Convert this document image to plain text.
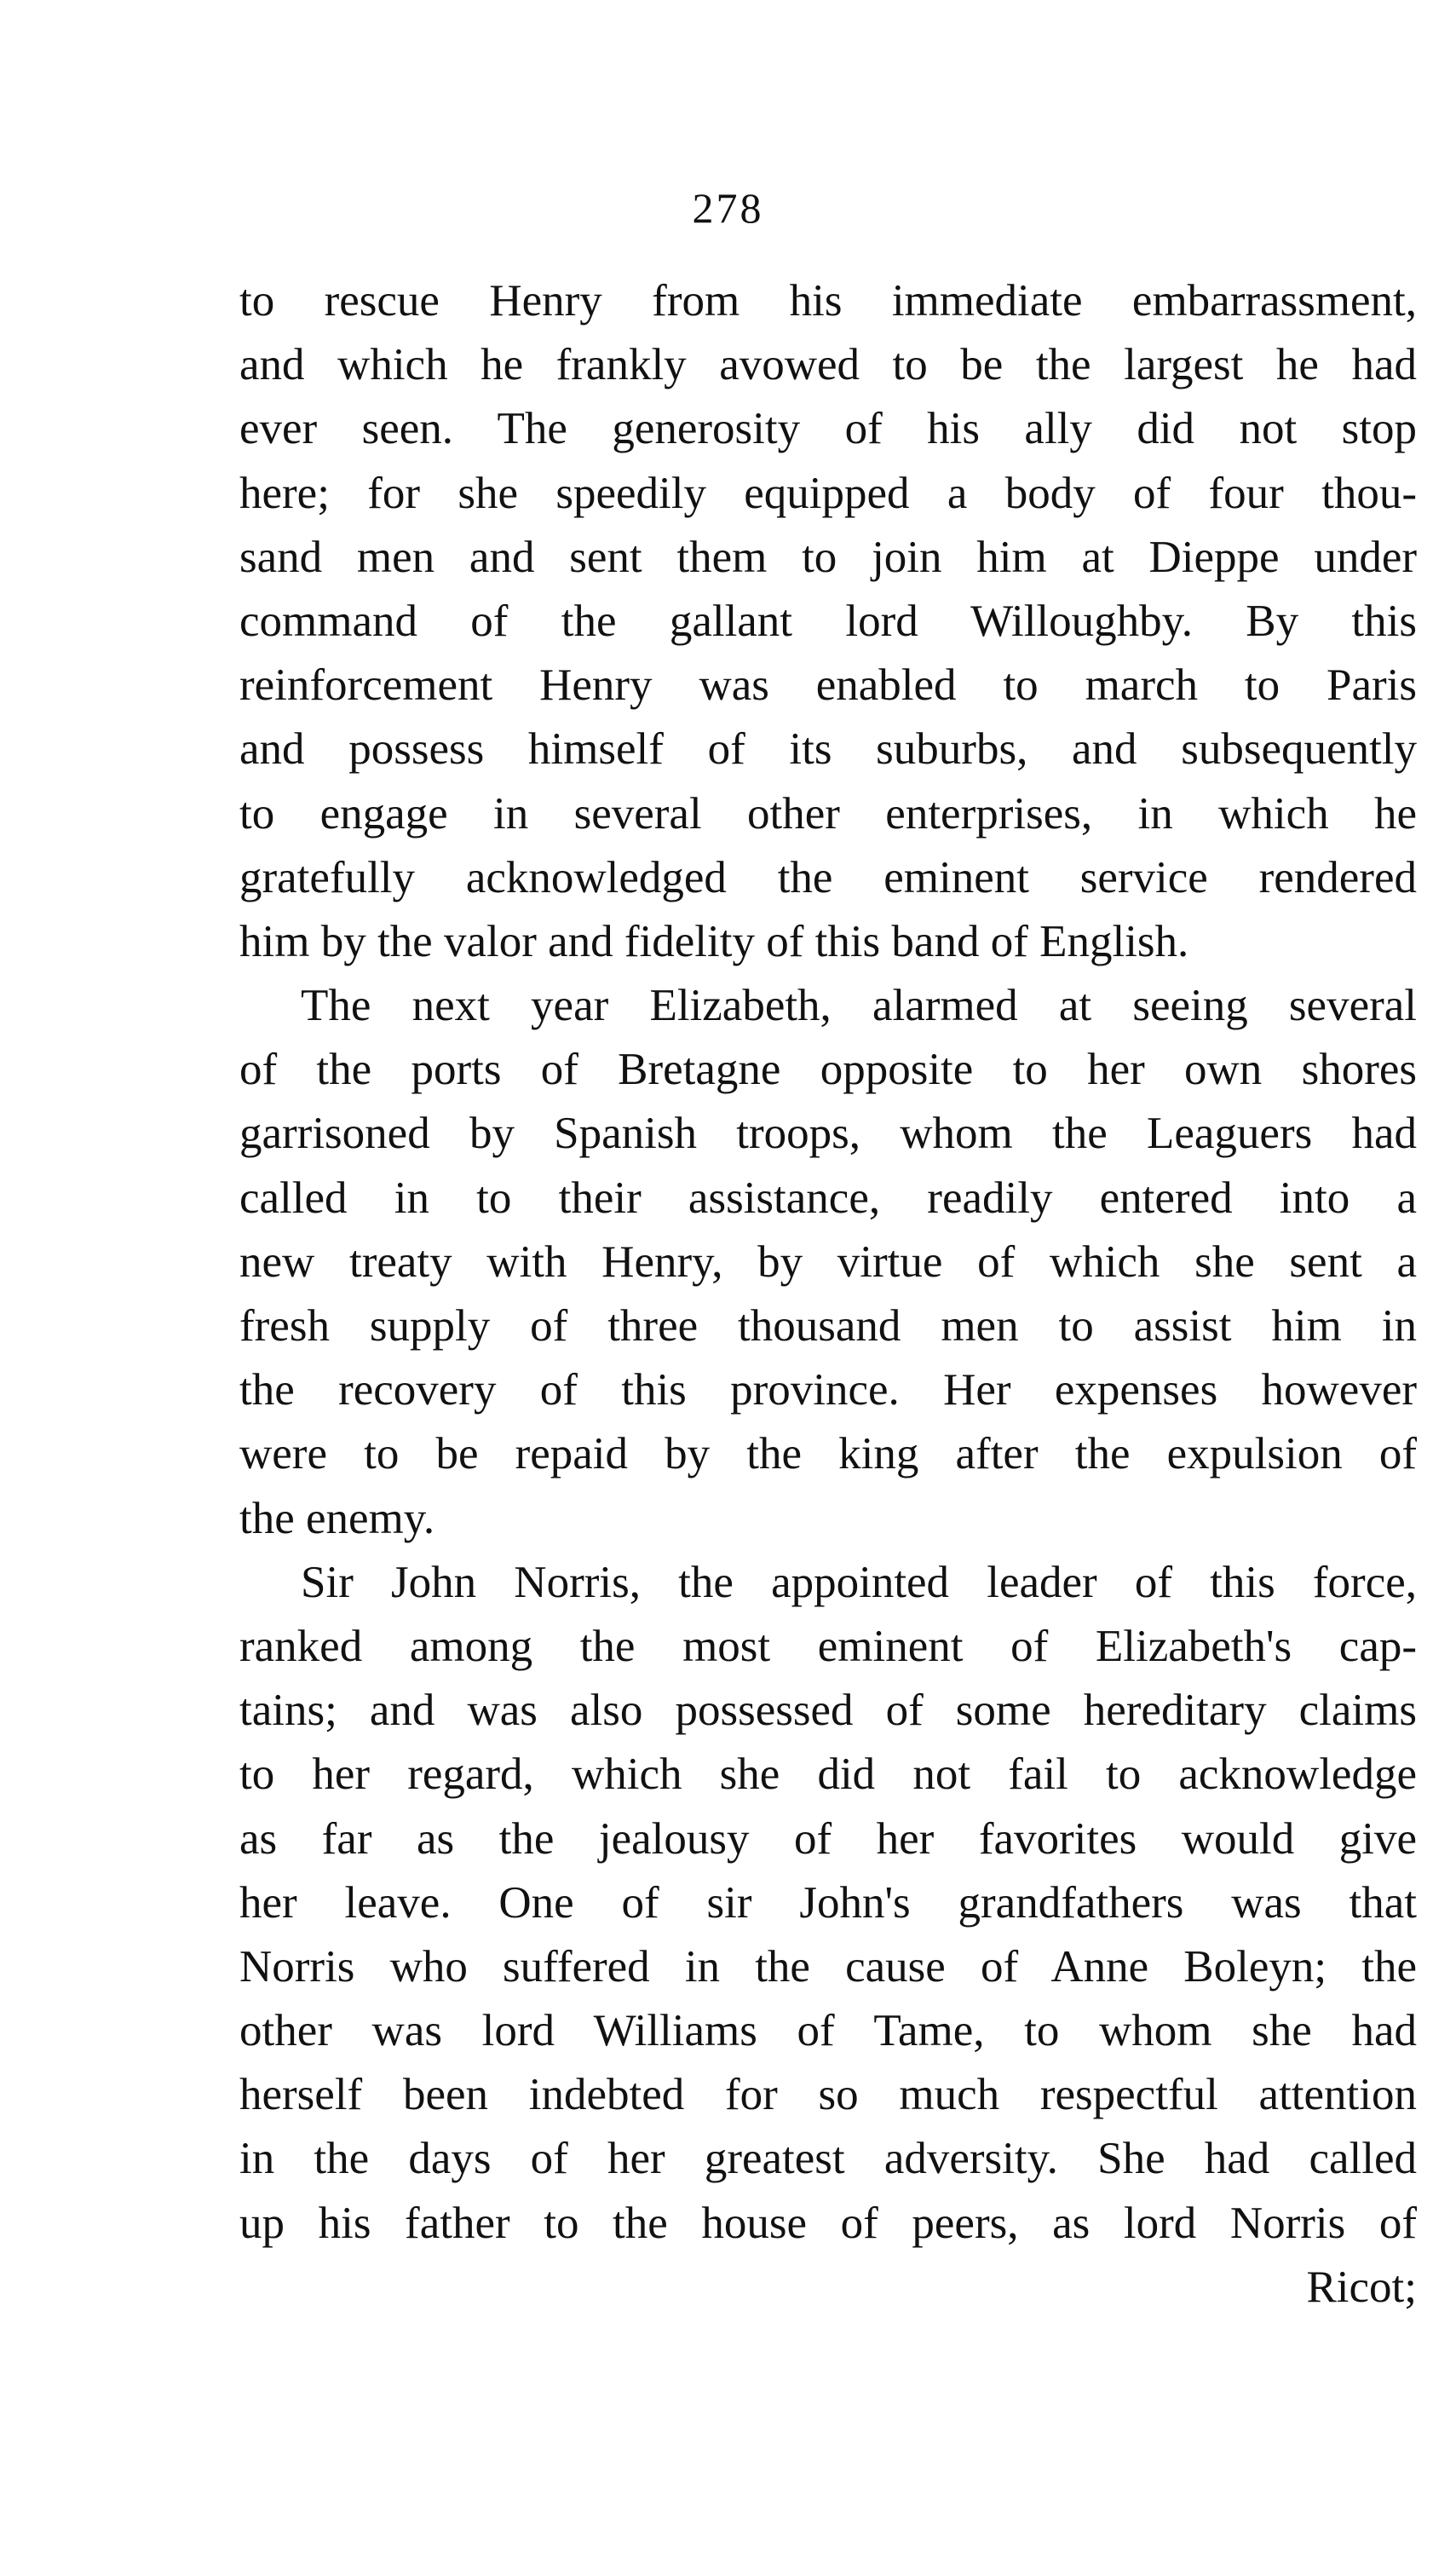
278
to rescue Henry from his immediate embarrassment,
and which he frankly avowed to be the largest he had
ever seen. The generosity of his ally did not stop
here; for she speedily equipped a body of four thou-
sand men and sent them to join him at Dieppe under
command of the gallant lord Willoughby. By this
reinforcement Henry was enabled to march to Paris
and possess himself of its suburbs, and subsequently
to engage in several other enterprises, in which he
gratefully acknowledged the eminent service rendered
him by the valor and fidelity of this band of English.
The next year Elizabeth, alarmed at seeing several
of the ports of Bretagne opposite to her own shores
garrisoned by Spanish troops, whom the Leaguers had
called in to their assistance, readily entered into a
new treaty with Henry, by virtue of which she sent a
fresh supply of three thousand men to assist him in
the recovery of this province. Her expenses however
were to be repaid by the king after the expulsion of
the enemy.
Sir John Norris, the appointed leader of this force,
ranked among the most eminent of Elizabeth's cap-
tains; and was also possessed of some hereditary claims
to her regard, which she did not fail to acknowledge
as far as the jealousy of her favorites would give
her leave. One of sir John's grandfathers was that
Norris who suffered in the cause of Anne Boleyn; the
other was lord Williams of Tame, to whom she had
herself been indebted for so much respectful attention
in the days of her greatest adversity. She had called
up his father to the house of peers, as lord Norris of
Ricot;
